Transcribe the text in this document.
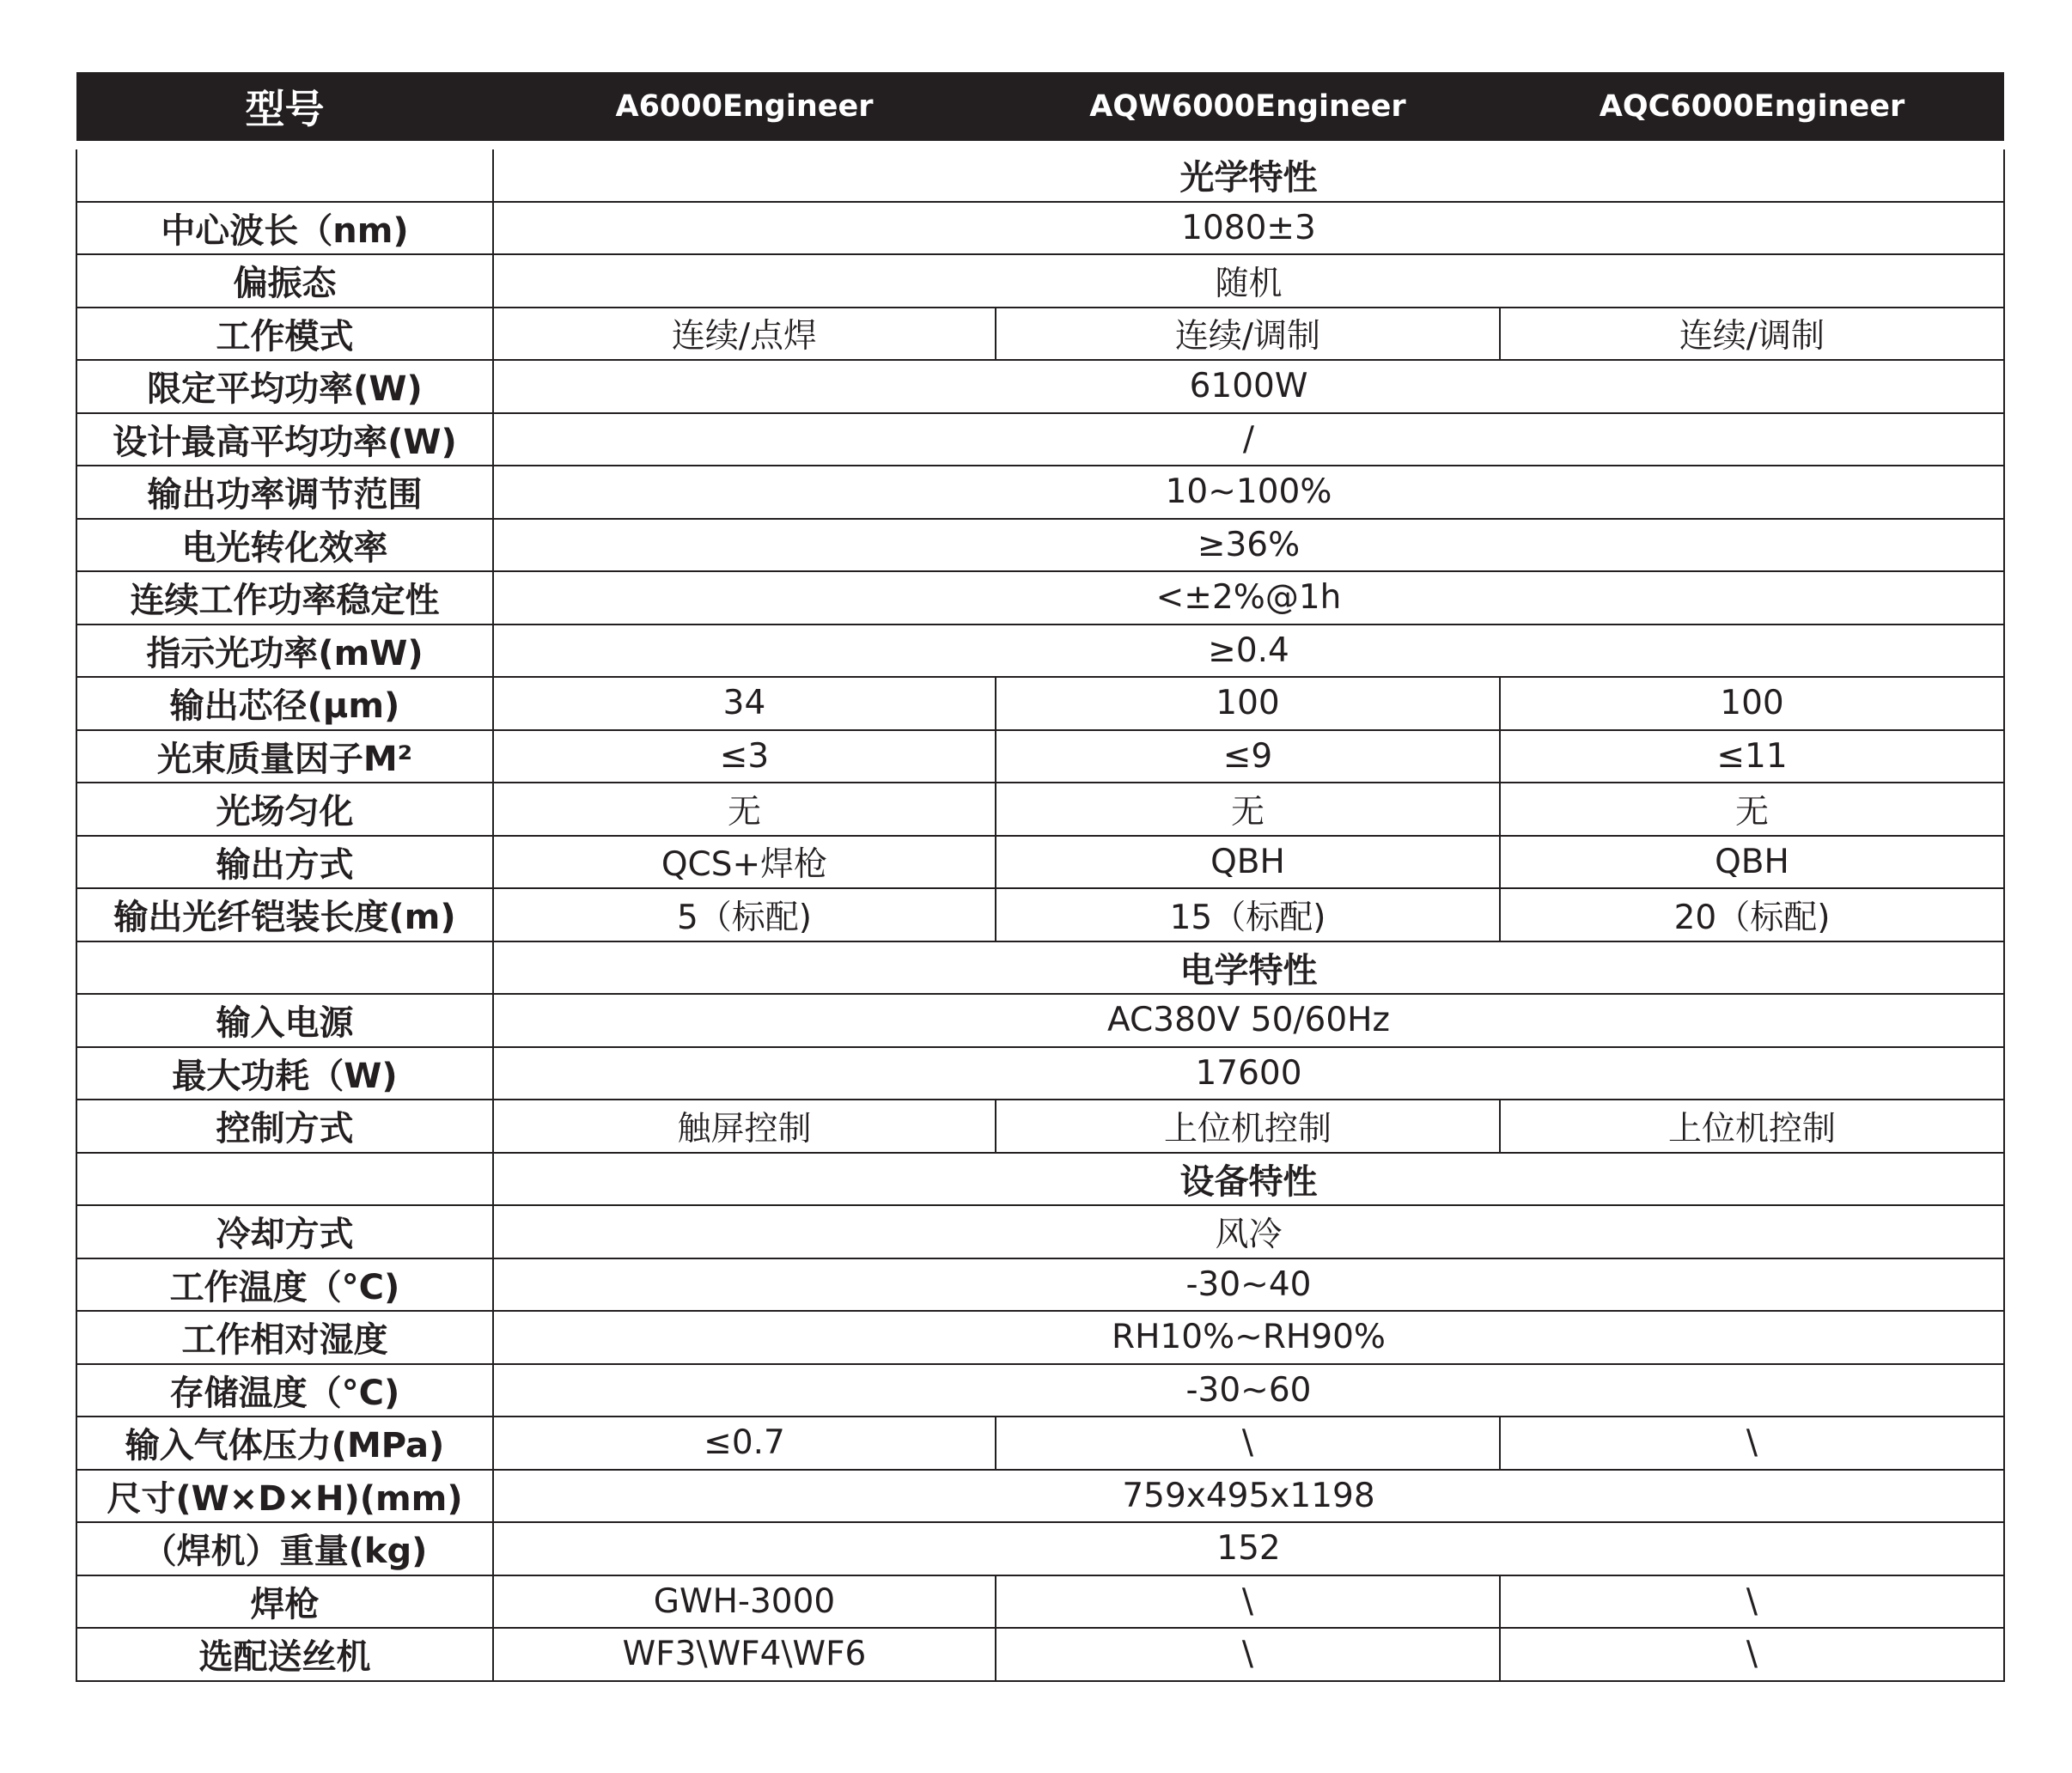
型号	A6000Engineer	AQW6000Engineer	AQC6000Engineer
	光学特性		
中心波长（nm)	1080±3		
偏振态	随机		
工作模式	连续/点焊	连续/调制	连续/调制
限定平均功率(W)	6100W		
设计最高平均功率(W)	/		
输出功率调节范围	10~100%		
电光转化效率	≥36%		
连续工作功率稳定性	<±2%@1h		
指示光功率(mW)	≥0.4		
输出芯径(μm)	34	100	100
光束质量因子M²	≤3	≤9	≤11
光场匀化	无	无	无
输出方式	QCS+焊枪	QBH	QBH
输出光纤铠装长度(m)	5（标配)	15（标配)	20（标配)
	电学特性		
输入电源	AC380V 50/60Hz		
最大功耗（W)	17600		
控制方式	触屏控制	上位机控制	上位机控制
	设备特性		
冷却方式	风冷		
工作温度（°C)	-30~40		
工作相对湿度	RH10%~RH90%		
存储温度（°C)	-30~60		
输入气体压力(MPa)	≤0.7	\	\
尺寸(W×D×H)(mm)	759x495x1198		
（焊机）重量(kg)	152		
焊枪	GWH-3000	\	\
选配送丝机	WF3\WF4\WF6	\	\
